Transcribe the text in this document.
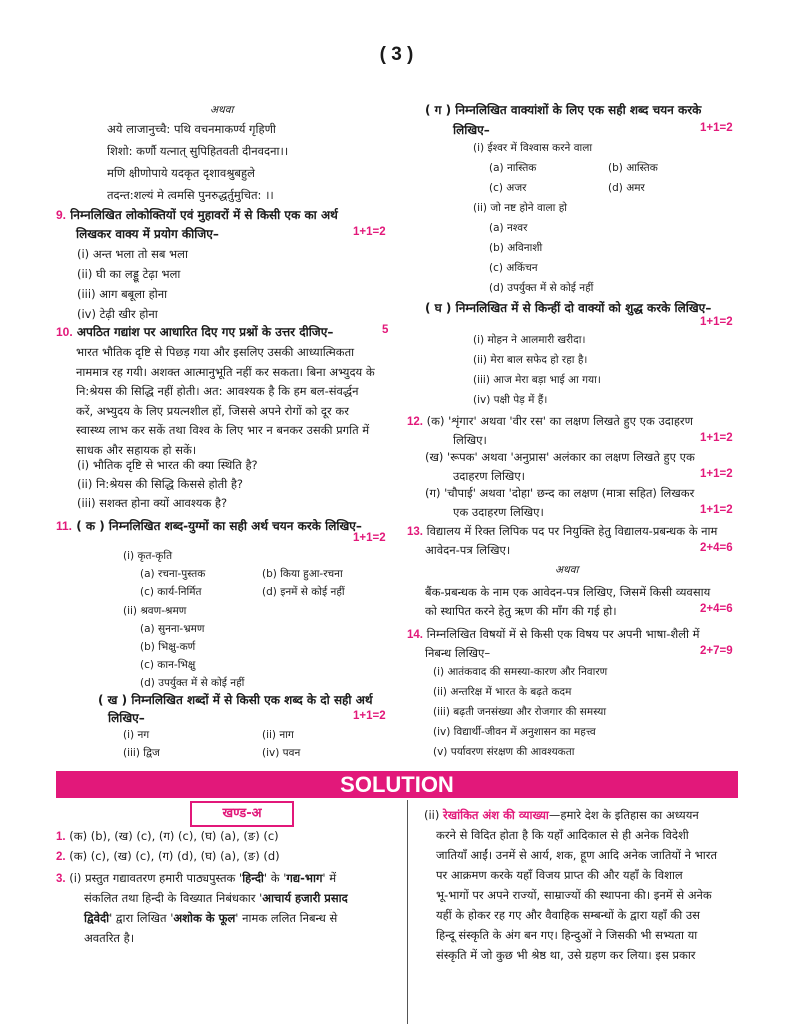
( 3 )
अथवा
अये लाजानुच्चै: पथि वचनमाकर्ण्य गृहिणी
शिशो: कर्णौ यत्नात् सुपिहितवती दीनवदना।।
मणि क्षीणोपाये यदकृत दृशावश्रुबहुले
तदन्त:शल्यं मे त्वमसि पुनरुद्धर्तुमुचित: ।।
9. निम्नलिखित लोकोक्तियों एवं मुहावरों में से किसी एक का अर्थ
लिखकर वाक्य में प्रयोग कीजिए–	1+1=2
(i) अन्त भला तो सब भला
(ii) घी का लड्डू टेढ़ा भला
(iii) आग बबूला होना
(iv) टेढ़ी खीर होना
10. अपठित गद्यांश पर आधारित दिए गए प्रश्नों के उत्तर दीजिए–	5
भारत भौतिक दृष्टि से पिछड़ गया और इसलिए उसकी आध्यात्मिकता
नाममात्र रह गयी। अशक्त आत्मानुभूति नहीं कर सकता। बिना अभ्युदय के
नि:श्रेयस की सिद्धि नहीं होती। अत: आवश्यक है कि हम बल-संवर्द्धन
करें, अभ्युदय के लिए प्रयत्नशील हों, जिससे अपने रोगों को दूर कर
स्वास्थ्य लाभ कर सकें तथा विश्व के लिए भार न बनकर उसकी प्रगति में
साधक और सहायक हो सकें।
(i) भौतिक दृष्टि से भारत की क्या स्थिति है?
(ii) नि:श्रेयस की सिद्धि किससे होती है?
(iii) सशक्त होना क्यों आवश्यक है?
11. ( क ) निम्नलिखित शब्द-युग्मों का सही अर्थ चयन करके लिखिए–
1+1=2
(i) कृत-कृति
(a) रचना-पुस्तक	(b) किया हुआ-रचना
(c) कार्य-निर्मित	(d) इनमें से कोई नहीं
(ii) श्रवण-श्रमण
(a) सुनना-भ्रमण
(b) भिक्षु-कर्ण
(c) कान-भिक्षु
(d) उपर्युक्त में से कोई नहीं
( ख ) निम्नलिखित शब्दों में से किसी एक शब्द के दो सही अर्थ
लिखिए–	1+1=2
(i) नग	(ii) नाग
(iii) द्विज	(iv) पवन
( ग ) निम्नलिखित वाक्यांशों के लिए एक सही शब्द चयन करके
लिखिए–	1+1=2
(i) ईश्वर में विश्वास करने वाला
(a) नास्तिक	(b) आस्तिक
(c) अजर	(d) अमर
(ii) जो नष्ट होने वाला हो
(a) नश्वर
(b) अविनाशी
(c) अकिंचन
(d) उपर्युक्त में से कोई नहीं
( घ ) निम्नलिखित में से किन्हीं दो वाक्यों को शुद्ध करके लिखिए–
1+1=2
(i) मोहन ने आलमारी खरीदा।
(ii) मेरा बाल सफेद हो रहा है।
(iii) आज मेरा बड़ा भाई आ गया।
(iv) पक्षी पेड़ में हैं।
12. (क) 'शृंगार' अथवा 'वीर रस' का लक्षण लिखते हुए एक उदाहरण
लिखिए।	1+1=2
(ख) 'रूपक' अथवा 'अनुप्रास' अलंकार का लक्षण लिखते हुए एक
उदाहरण लिखिए।	1+1=2
(ग) 'चौपाई' अथवा 'दोहा' छन्द का लक्षण (मात्रा सहित) लिखकर
एक उदाहरण लिखिए।	1+1=2
13. विद्यालय में रिक्त लिपिक पद पर नियुक्ति हेतु विद्यालय-प्रबन्धक के नाम
आवेदन-पत्र लिखिए।	2+4=6
अथवा
बैंक-प्रबन्धक के नाम एक आवेदन-पत्र लिखिए, जिसमें किसी व्यवसाय
को स्थापित करने हेतु ऋण की माँग की गई हो।	2+4=6
14. निम्नलिखित विषयों में से किसी एक विषय पर अपनी भाषा-शैली में
निबन्ध लिखिए–	2+7=9
(i) आतंकवाद की समस्या-कारण और निवारण
(ii) अन्तरिक्ष में भारत के बढ़ते कदम
(iii) बढ़ती जनसंख्या और रोजगार की समस्या
(iv) विद्यार्थी-जीवन में अनुशासन का महत्त्व
(v) पर्यावरण संरक्षण की आवश्यकता
SOLUTION
खण्ड-अ
1. (क) (b), (ख) (c), (ग) (c), (घ) (a), (ङ) (c)
2. (क) (c), (ख) (c), (ग) (d), (घ) (a), (ङ) (d)
3. (i) प्रस्तुत गद्यावतरण हमारी पाठ्यपुस्तक 'हिन्दी' के 'गद्य-भाग' में
संकलित तथा हिन्दी के विख्यात निबंधकार 'आचार्य हजारी प्रसाद
द्विवेदी' द्वारा लिखित 'अशोक के फूल' नामक ललित निबन्ध से
अवतरित है।
(ii) रेखांकित अंश की व्याख्या—हमारे देश के इतिहास का अध्ययन
करने से विदित होता है कि यहाँ आदिकाल से ही अनेक विदेशी
जातियाँ आईं। उनमें से आर्य, शक, हूण आदि अनेक जातियों ने भारत
पर आक्रमण करके यहाँ विजय प्राप्त की और यहाँ के विशाल
भू-भागों पर अपने राज्यों, साम्राज्यों की स्थापना की। इनमें से अनेक
यहीं के होकर रह गए और वैवाहिक सम्बन्धों के द्वारा यहाँ की उस
हिन्दू संस्कृति के अंग बन गए। हिन्दुओं ने जिसकी भी सभ्यता या
संस्कृति में जो कुछ भी श्रेष्ठ था, उसे ग्रहण कर लिया। इस प्रकार
